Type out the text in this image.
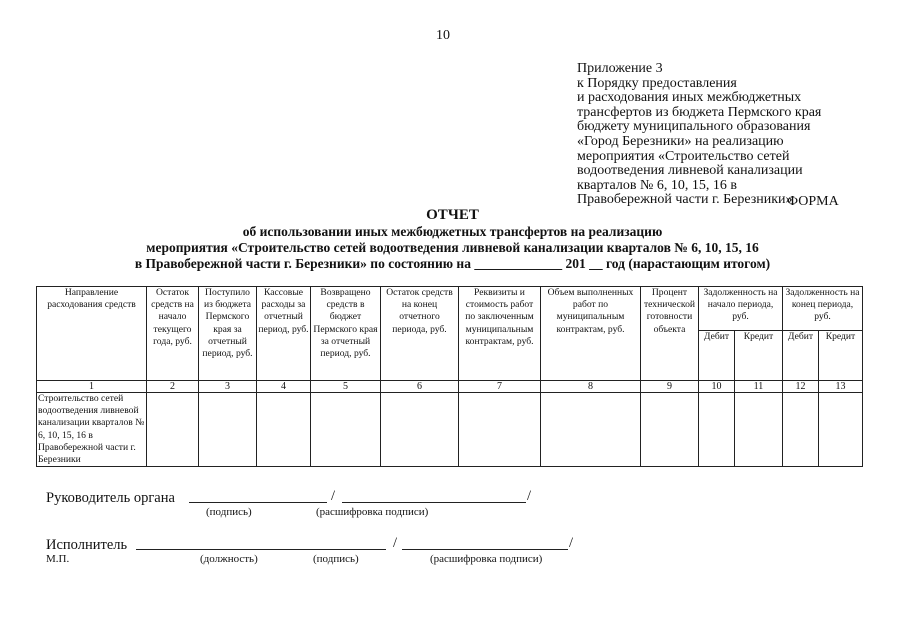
10
Приложение 3
к Порядку предоставления
и расходования иных межбюджетных
трансфертов из бюджета Пермского края
бюджету муниципального образования
«Город Березники» на реализацию
мероприятия «Строительство сетей
водоотведения ливневой канализации
кварталов № 6, 10, 15, 16 в
Правобережной части г. Березники»
ФОРМА
ОТЧЕТ
об использовании иных межбюджетных трансфертов на реализацию
мероприятия «Строительство сетей водоотведения ливневой канализации кварталов № 6, 10, 15, 16
в Правобережной части г. Березники» по состоянию на _____________ 201 __ год (нарастающим итогом)
Направление расходования средств	Остаток средств на начало текущего года, руб.	Поступило из бюджета Пермского края за отчетный период, руб.	Кассовые расходы за отчетный период, руб.	Возвращено средств в бюджет Пермского края за отчетный период, руб.	Остаток средств на конец отчетного периода, руб.	Реквизиты и стоимость работ по заключенным муниципальным контрактам, руб.	Объем выполненных работ по муниципальным контрактам, руб.	Процент технической готовности объекта	Задолженность на начало периода, руб.		Задолженность на конец периода, руб.	
									Дебит	Кредит	Дебит	Кредит
1	2	3	4	5	6	7	8	9	10	11	12	13
Строительство сетей водоотведения ливневой канализации кварталов № 6, 10, 15, 16 в Правобережной части г. Березники												
Руководитель органа	/	/
(подпись)	(расшифровка подписи)
Исполнитель	/	/
М.П.	(должность)	(подпись)	(расшифровка подписи)
